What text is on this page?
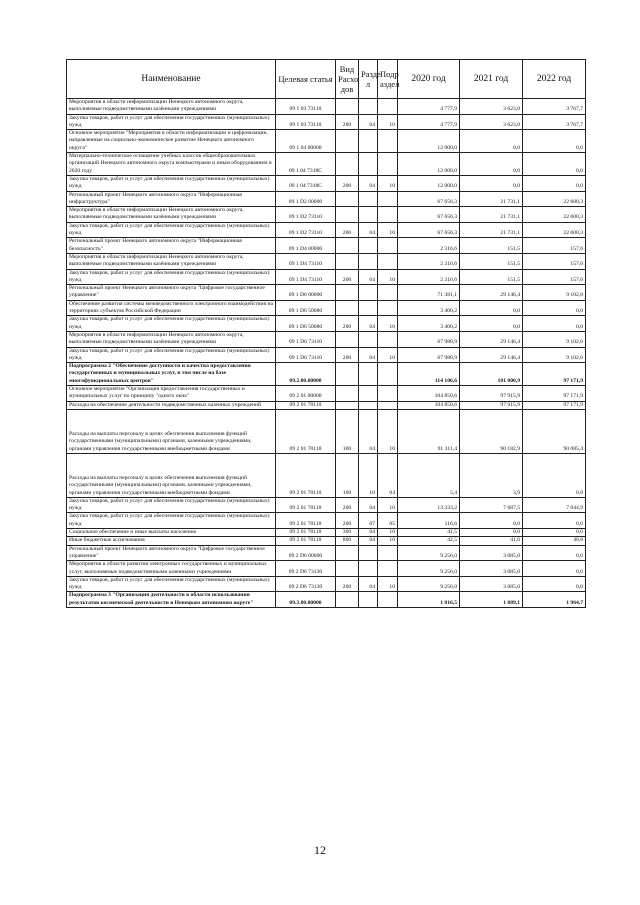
Наименование	Целевая статья	Вид Расхо дов	Разде л	Подр аздел	2020 год	2021 год	2022 год
Мероприятия в области информатизации Ненецкого автономного округа, выполняемые подведомственными казёнными учреждениями	09 1 03 73110				4 777,9	3 623,0	3 767,7
Закупка товаров, работ и услуг для обеспечения государственных (муниципальных) нужд	09 1 03 73110	200	04	10	4 777,9	3 623,0	3 767,7
Основное мероприятие "Мероприятия в области информатизации и цифровизации, направленные на социально-экономическое развитие Ненецкого автономного округа"	09 1 04 00000				12 000,0	0,0	0,0
Материально-техническое оснащение учебных классов общеобразовательных организаций Ненецкого автономного округа компьютерами и иным оборудованием в 2020 году	09 1 04 7318С				12 000,0	0,0	0,0
Закупка товаров, работ и услуг для обеспечения государственных (муниципальных) нужд	09 1 04 7318С	200	04	10	12 000,0	0,0	0,0
Региональный проект Ненецкого автономного округа "Информационная инфраструктура"	09 1 D2 00000				67 656,3	21 731,1	22 600,3
Мероприятия в области информатизации Ненецкого автономного округа, выполняемые подведомственными казёнными учреждениями	09 1 D2 73110				67 656,3	21 731,1	22 600,3
Закупка товаров, работ и услуг для обеспечения государственных (муниципальных) нужд	09 1 D2 73110	200	04	10	67 656,3	21 731,1	22 600,3
Региональный проект Ненецкого автономного округа "Информационная безопасность"	09 1 D4 00000				2 316,6	151,5	157,6
Мероприятия в области информатизации Ненецкого автономного округа, выполняемые подведомственными казёнными учреждениями	09 1 D4 73110				2 316,6	151,5	157,6
Закупка товаров, работ и услуг для обеспечения государственных (муниципальных) нужд	09 1 D4 73110	200	04	10	2 316,6	151,5	157,6
Региональный проект Ненецкого автономного округа "Цифровое государственное управление"	09 1 D6 00000				71 381,1	29 146,4	9 102,0
Обеспечение развития системы межведомственного электронного взаимодействия на территориях субъектов Российской Федерации	09 1 D6 50080				3 400,2	0,0	0,0
Закупка товаров, работ и услуг для обеспечения государственных (муниципальных) нужд	09 1 D6 50080	200	04	10	3 400,2	0,0	0,0
Мероприятия в области информатизации Ненецкого автономного округа, выполняемые подведомственными казёнными учреждениями	09 1 D6 73110				67 980,9	29 146,4	9 102,0
Закупка товаров, работ и услуг для обеспечения государственных (муниципальных) нужд	09 1 D6 73110	200	04	10	67 980,9	29 146,4	9 102,0
Подпрограмма 2 "Обеспечение доступности и качества предоставления государственных и муниципальных услуг, в том числе на базе многофункциональных центров"	09.2.00.00000				114 106,6	101 000,9	97 171,9
Основное мероприятие "Организация предоставления государственных и муниципальных услуг по принципу "одного окна"	09 2 01 00000				104 850,6	97 915,9	97 171,9
Расходы на обеспечение деятельности подведомственных казенных учреждений	09 2 01 70110				104 850,6	97 915,9	97 171,9
Расходы на выплаты персоналу в целях обеспечения выполнения функций государственными (муниципальными) органами, казенными учреждениями, органами управления государственными внебюджетными фондами	09 2 01 70110	100	04	10	91 311,4	90 182,9	90 085,4
Расходы на выплаты персоналу в целях обеспечения выполнения функций государственными (муниципальными) органами, казенными учреждениями, органами управления государственными внебюджетными фондами	09 2 01 70110	100	10	04	5,4	3,9	0,8
Закупка товаров, работ и услуг для обеспечения государственных (муниципальных) нужд	09 2 01 70110	200	04	10	13 333,2	7 687,5	7 044,9
Закупка товаров, работ и услуг для обеспечения государственных (муниципальных) нужд	09 2 01 70110	200	07	05	116,6	0,0	0,0
Социальное обеспечение и иные выплаты населению	09 2 01 70110	300	04	10	41,5	0,0	0,0
Иные бюджетные ассигнования	09 2 01 70110	800	04	10	42,5	41,6	40,8
Региональный проект Ненецкого автономного округа "Цифровое государственное управление"	09 2 D6 00000				9 256,0	3 085,0	0,0
Мероприятия в области развития электронных государственных и муниципальных услуг, выполняемые подведомственными казенными учреждениями	09 2 D6 73130				9 256,0	3 085,0	0,0
Закупка товаров, работ и услуг для обеспечения государственных (муниципальных) нужд	09 2 D6 73130	200	04	10	9 256,0	3 085,0	0,0
Подпрограмма 3 "Организация деятельности в области использования результатов космической деятельности в Ненецком автономном округе"	09.3.00.00000				1 816,5	1 889,1	1 964,7
12
